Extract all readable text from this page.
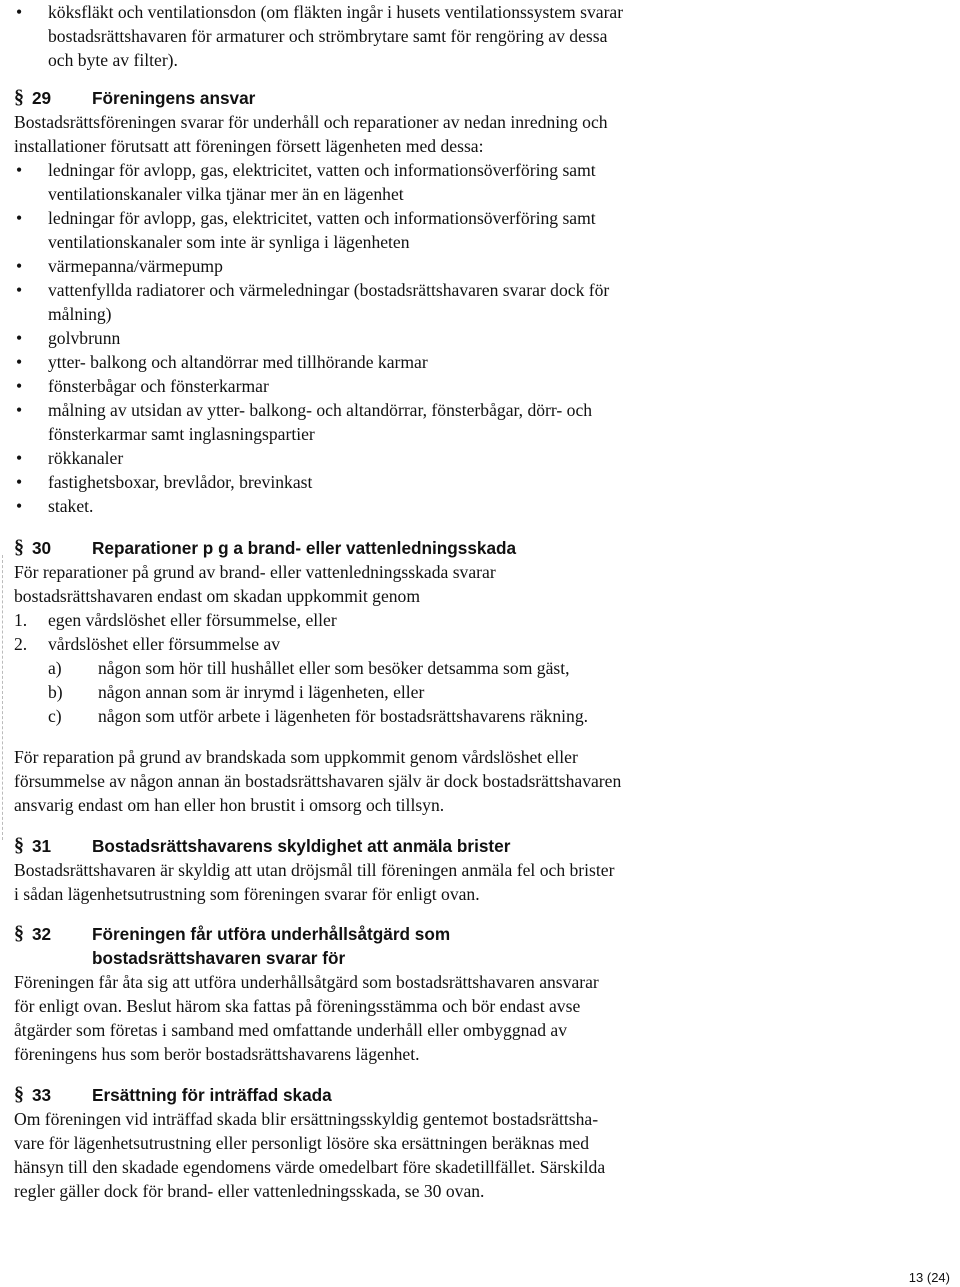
• köksfläkt och ventilationsdon (om fläkten ingår i husets ventilationssystem svarar
bostadsrättshavaren för armaturer och strömbrytare samt för rengöring av dessa
och byte av filter).
§ 29 Föreningens ansvar
Bostadsrättsföreningen svarar för underhåll och reparationer av nedan inredning och
installationer förutsatt att föreningen försett lägenheten med dessa:
• ledningar för avlopp, gas, elektricitet, vatten och informationsöverföring samt
ventilationskanaler vilka tjänar mer än en lägenhet
• ledningar för avlopp, gas, elektricitet, vatten och informationsöverföring samt
ventilationskanaler som inte är synliga i lägenheten
• värmepanna/värmepump
• vattenfyllda radiatorer och värmeledningar (bostadsrättshavaren svarar dock för
målning)
• golvbrunn
• ytter- balkong och altandörrar med tillhörande karmar
• fönsterbågar och fönsterkarmar
• målning av utsidan av ytter- balkong- och altandörrar, fönsterbågar, dörr- och
fönsterkarmar samt inglasningspartier
• rökkanaler
• fastighetsboxar, brevlådor, brevinkast
• staket.
§ 30 Reparationer p g a brand- eller vattenledningsskada
För reparationer på grund av brand- eller vattenledningsskada svarar
bostadsrättshavaren endast om skadan uppkommit genom
1. egen vårdslöshet eller försummelse, eller
2. vårdslöshet eller försummelse av
a) någon som hör till hushållet eller som besöker detsamma som gäst,
b) någon annan som är inrymd i lägenheten, eller
c) någon som utför arbete i lägenheten för bostadsrättshavarens räkning.
För reparation på grund av brandskada som uppkommit genom vårdslöshet eller
försummelse av någon annan än bostadsrättshavaren själv är dock bostadsrättshavaren
ansvarig endast om han eller hon brustit i omsorg och tillsyn.
§ 31 Bostadsrättshavarens skyldighet att anmäla brister
Bostadsrättshavaren är skyldig att utan dröjsmål till föreningen anmäla fel och brister
i sådan lägenhetsutrustning som föreningen svarar för enligt ovan.
§ 32 Föreningen får utföra underhållsåtgärd som
bostadsrättshavaren svarar för
Föreningen får åta sig att utföra underhållsåtgärd som bostadsrättshavaren ansvarar
för enligt ovan. Beslut härom ska fattas på föreningsstämma och bör endast avse
åtgärder som företas i samband med omfattande underhåll eller ombyggnad av
föreningens hus som berör bostadsrättshavarens lägenhet.
§ 33 Ersättning för inträffad skada
Om föreningen vid inträffad skada blir ersättningsskyldig gentemot bostadsrättsha-
vare för lägenhetsutrustning eller personligt lösöre ska ersättningen beräknas med
hänsyn till den skadade egendomens värde omedelbart före skadetillfället. Särskilda
regler gäller dock för brand- eller vattenledningsskada, se 30 ovan.
13 (24)
